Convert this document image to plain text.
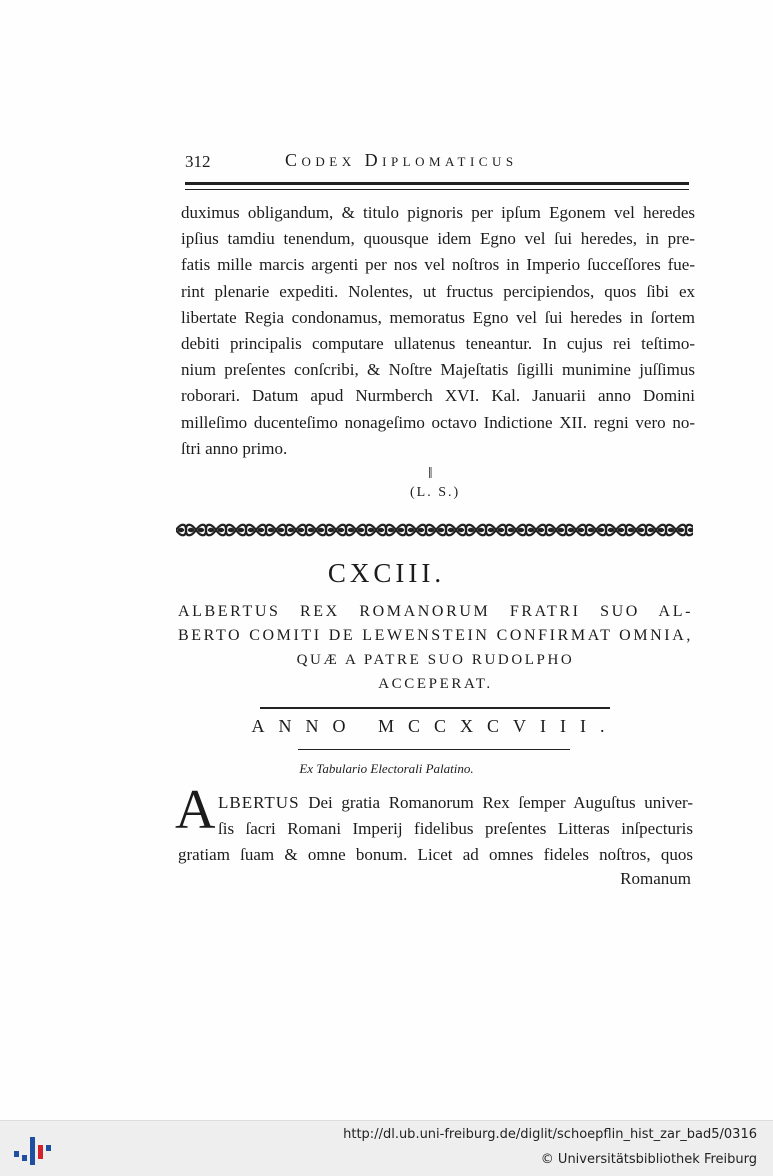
312	Codex Diplomaticus
duximus obligandum, & titulo pignoris per ipſum Egonem vel heredes
ipſius tamdiu tenendum, quousque idem Egno vel ſui heredes, in pre-
fatis mille marcis argenti per nos vel noſtros in Imperio ſucceſſores fue-
rint plenarie expediti. Nolentes, ut fructus percipiendos, quos ſibi ex
libertate Regia condonamus, memoratus Egno vel ſui heredes in ſortem
debiti principalis computare ullatenus teneantur. In cujus rei teſtimo-
nium preſentes conſcribi, & Noſtre Majeſtatis ſigilli munimine juſſimus
roborari. Datum apud Nurmberch XVI. Kal. Januarii anno Domini
milleſimo ducenteſimo nonageſimo octavo Indictione XII. regni vero no-
ſtri anno primo.
ǁ
(L. S.)
CXCIII.
ALBERTUS REX ROMANORUM FRATRI SUO AL-
BERTO COMITI DE LEWENSTEIN CONFIRMAT OMNIA,
QUÆ A PATRE SUO RUDOLPHO
ACCEPERAT.
ANNO MCCXCVIII.
Ex Tabulario Electorali Palatino.
A LBERTUS Dei gratia Romanorum Rex ſemper Auguſtus univer-
ſis ſacri Romani Imperij fidelibus preſentes Litteras inſpecturis
gratiam ſuam & omne bonum. Licet ad omnes fideles noſtros, quos
Romanum
http://dl.ub.uni-freiburg.de/diglit/schoepflin_hist_zar_bad5/0316
© Universitätsbibliothek Freiburg
